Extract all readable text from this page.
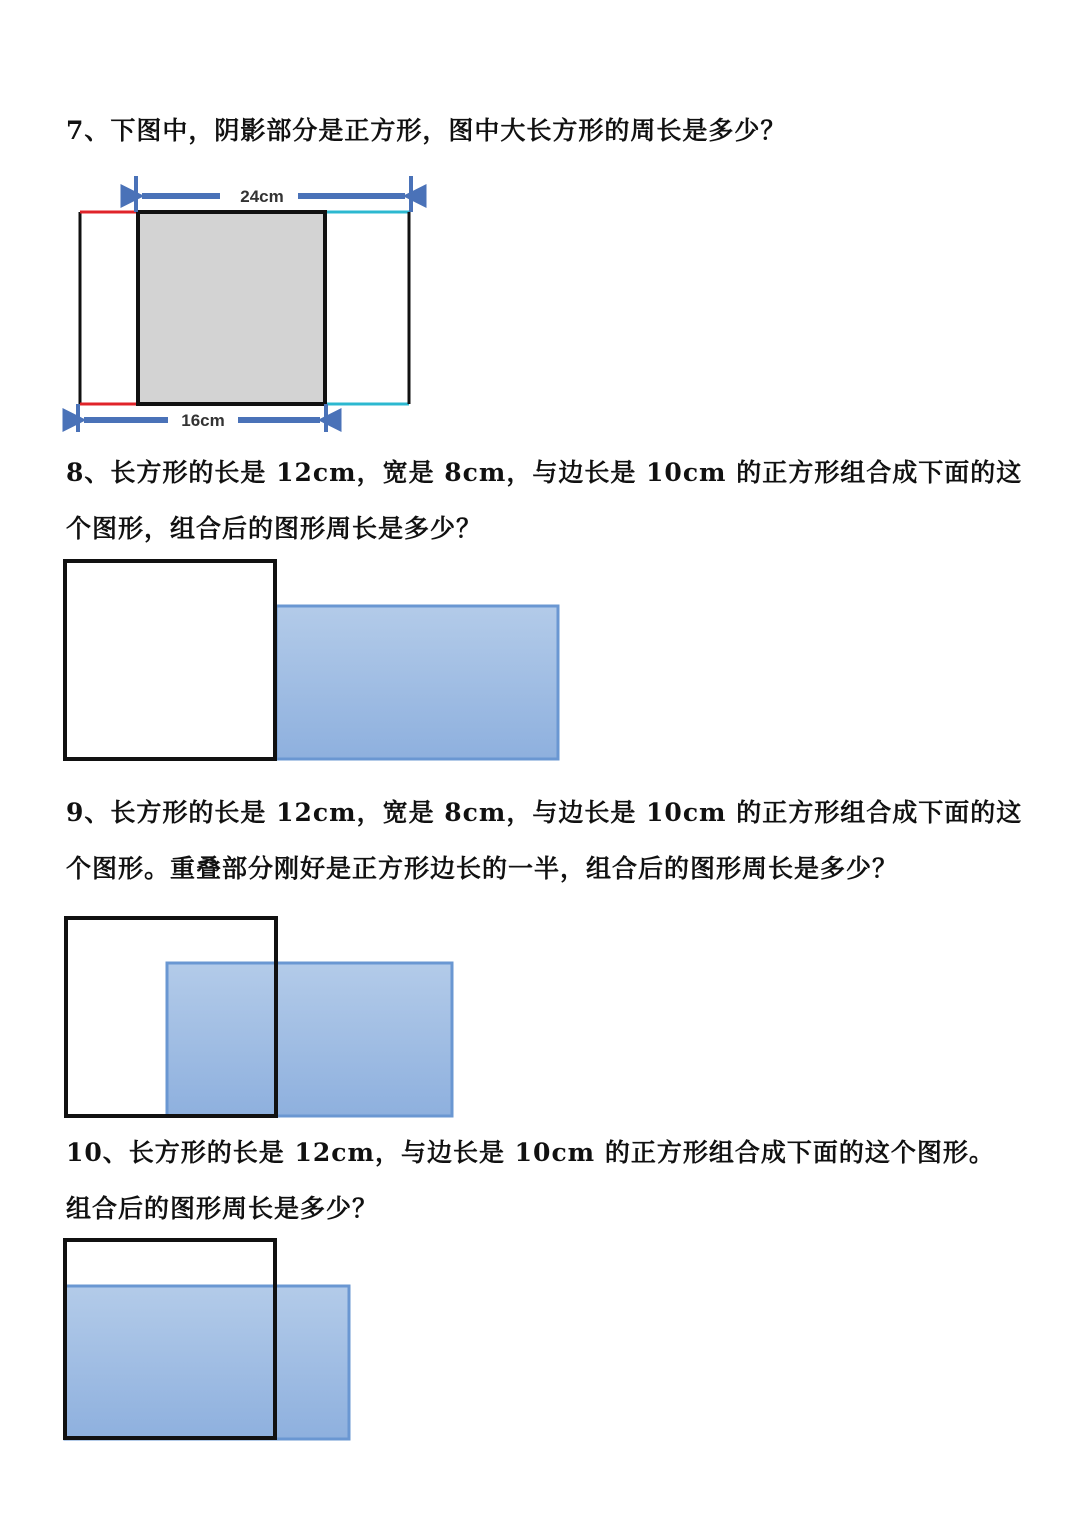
7、下图中，阴影部分是正方形，图中大长方形的周长是多少？
24cm
16cm
8、长方形的长是 12cm，宽是 8cm，与边长是 10cm 的正方形组合成下面的这
个图形，组合后的图形周长是多少？
9、长方形的长是 12cm，宽是 8cm，与边长是 10cm 的正方形组合成下面的这
个图形。重叠部分刚好是正方形边长的一半，组合后的图形周长是多少？
10、长方形的长是 12cm，与边长是 10cm 的正方形组合成下面的这个图形。
组合后的图形周长是多少？
